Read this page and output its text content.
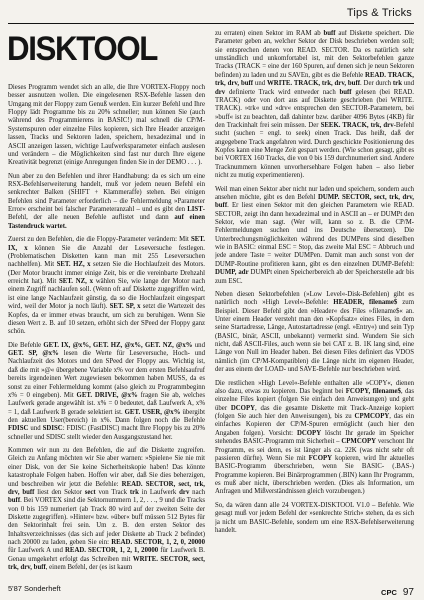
Tips & Tricks
DISKTOOL

Dieses Programm wendet sich an alle, die Ihre VORTEX-Floppy noch besser ausnutzen wollen. Die eingelesenen RSX-Befehle lassen den Umgang mit der Floppy zum Genuß werden. Ein kurzer Befehl und Ihre Floppy lädt Programme bis zu 20% schneller; nun können Sie (auch während des Programmierens in BASIC!) mal schnell die CP/M-Systemspuren oder einzelne Files kopieren, sich Ihre Header anzeigen lassen, Tracks und Sektoren laden, speichern, hexadezimal und in ASCII anzeigen lassen, wichtige Laufwerksparameter einfach auslesen und verändern – die Möglichkeiten sind fast nur durch Ihre eigene Kreativität begrenzt (einige Anregungen finden Sie in der DEMO . . . ).

Nun aber zu den Befehlen und ihrer Handhabung: da es sich um eine RSX-Befehlserweiterung handelt, muß vor jedem neuen Befehl ein senkrechter Balken (SHIFT + Klammeraffe) stehen. Bei einigen Befehlen sind Parameter erforderlich – die Fehlermeldung »Parameter Error« erscheint bei falscher Parameteranzahl – und es gibt den LIST-Befehl, der alle neuen Befehle auflistet und dann auf einen Tastendruck wartet.

Zuerst zu den Befehlen, die die Floppy-Parameter verändern: Mit SET. IX, x können Sie die Anzahl der Leseversuche festlegen. (Problematischen Disketten kann man mit 255 Leseversuchen nachhelfen). Mit SET. HZ, x setzen Sie die Hochlaufzeit des Motors. (Der Motor braucht immer einige Zeit, bis er die vereinbarte Drehzahl erreicht hat). Mit SET. NZ, x wählen Sie, wie lange der Motor nach einem Zugriff nachlaufen soll. (Wenn oft auf Diskette zugegriffen wird, ist eine lange Nachlaufzeit günstig, da so die Hochlaufzeit eingespart wird, weil der Motor ja noch läuft). SET. SP, x setzt die Wartezeit des Kopfes, da er immer etwas braucht, um sich zu beruhigen. Wenn Sie diesen Wert z. B. auf 10 setzen, erhöht sich der SPeed der Floppy ganz schön.

Die Befehle GET. IX, @x%, GET. HZ, @x%, GET. NZ, @x% und GET. SP, @x% lesen die Werte für Leseversuche, Hoch- und Nachlaufzeit des Motors und den SPeed der Floppy aus. Wichtig ist, daß die mit »@« übergebene Variable x% vor dem ersten Befehlsaufruf bereits irgendeinen Wert zugewiesen bekommen haben MUSS, da es sonst zu einer Fehlermeldung kommt (also gleich zu Programmbeginn x% = 0 eingeben). Mit GET. DRIVE, @x% fragen Sie ab, welches Laufwerk gerade angewählt ist. x% = 0 bedeutet, daß Laufwerk A, x% = 1, daß Laufwerk B gerade selektiert ist. GET. USER, @x% übergibt den aktuellen User(bereich) in x%. Dann folgen noch die Befehle FDISC und SDISC: FDISC (FastDISC) macht Ihre Floppy bis zu 20% schneller und SDISC stellt wieder den Ausgangszustand her.

Kommen wir nun zu den Befehlen, die auf die Diskette zugreifen. Gleich zu Anfang möchten wir Sie aber warnen: »Spielen« Sie nie mit einer Disk, von der Sie keine Sicherheitskopie haben! Das könnte katastrophale Folgen haben. Hoffen wir aber, daß Sie dies beherzigen, und beschreiben wir jetzt die Befehle: READ. SECTOR, sect, trk, drv, buff liest den Sektor sect von Track trk in Laufwerk drv nach buff. Bei VORTEX sind die Sektornummern 1, 2, . . ., 9 und die Tracks von 0 bis 159 numeriert (ab Track 80 wird auf der zweiten Seite der Diskette zugegriffen). »Hinter« bzw. »über« buff müssen 512 Bytes für den Sektorinhalt frei sein. Um z. B. den ersten Sektor des Inhaltsverzeichnisses (das sich auf jeder Diskette ab Track 2 befindet) nach 20000 zu laden, geben Sie ein: READ. SECTOR, 1, 2, 0, 20000 für Laufwerk A und READ. SECTOR, 1, 2, 1, 20000 für Laufwerk B. Genau umgekehrt erfolgt das Schreiben mit WRITE. SECTOR, sect, trk, drv, buff, einem Befehl, der (es ist kaum

zu erraten) einen Sektor im RAM ab buff auf Diskette speichert. Die Parameter geben an, welcher Sektor der Disk beschrieben werden soll; sie entsprechen denen von READ. SECTOR. Da es natürlich sehr umständlich und unkomfortabel ist, mit den Sektorbefehlen ganze Tracks (TRACK = eine der 160 Spuren, auf denen sich je neun Sektoren befinden) zu laden und zu SAVEn, gibt es die Befehle READ. TRACK, trk, drv, buff und WRITE. TRACK, trk, drv, buff. Der durch trk und drv definierte Track wird entweder nach buff gelesen (bei READ. TRACK) oder von dort aus auf Diskette geschrieben (bei WRITE. TRACK). »trk« und »drv« entsprechen den SECTOR-Parametern, bei »buff« ist zu beachten, daß dahinter bzw. darüber 4096 Bytes (4KB) für den Trackinhalt frei sein müssen. Der SEEK. TRACK, trk, drv-Befehl sucht (suchen = engl. to seek) einen Track. Das heißt, daß der angegebene Track angefahren wird. Durch geschickte Positionierung des Kopfes kann eine Menge Zeit gespart werden. (Wie schon gesagt, gibt es bei VORTEX 160 Tracks, die von 0 bis 159 durchnumeriert sind. Andere Tracknummern können unvorhersehbare Folgen haben – also lieber nicht zu mutig experimentieren).

Weil man einen Sektor aber nicht nur laden und speichern, sondern auch ansehen möchte, gibt es den Befehl DUMP. SECTOR, sect, trk, drv, buff. Er liest einen Sektor mit den gleichen Parametern wie READ. SECTOR, zeigt ihn dann hexadezimal und in ASCII an – er DUMPt den Sektor, wie man sagt. (Wer will, kann so z. B. die CP/M-Fehlermeldungen suchen und ins Deutsche übersetzen). Die Unterbrechungsmöglichkeiten während des DUMPens sind dieselben wie in BASIC: einmal ESC = Stop, das zweite Mal ESC = Abbruch und jede andere Taste = weiter DUMPen. Damit man auch sonst von der DUMP-Routine profitieren kann, gibt es den einzelnen DUMP-Befehl: DUMP, adr DUMPt einen Speicherbereich ab der Speicherstelle adr bis zum ESC.

Neben diesen Sektorbefehlen (»Low Level«-Disk-Befehlen) gibt es natürlich noch »High Level«-Befehle: HEADER, filename$ zum Beispiel. Dieser Befehl gibt den »Header« des Files »filename$« an. Unter einem Header versteht man den »Kopfsatz« eines Files, in dem seine Startadresse, Länge, Autostartadresse (engl. »Entry«) und sein Typ (BASIC, binär, ASCII, unbekannt) vermerkt sind. Wundern Sie sich nicht, daß ASCII-Files, auch wenn sie bei CAT z. B. 1K lang sind, eine Länge von Null im Header haben. Bei diesen Files definiert das VDOS nämlich (im CP/M-Kompatiblen) die Länge nicht im eigenen Header, der aus einem der LOAD- und SAVE-Befehle nur beschrieben wird.

Die restlichen »High Level«-Befehle enthalten alle »COPY«, dienen also dazu, etwas zu kopieren. Das beginnt bei FCOPY, filename$, das einzelne Files kopiert (folgen Sie einfach den Anweisungen) und geht über DCOPY, das die gesamte Diskette mit Track-Anzeige kopiert (folgen Sie auch hier den Anweisungen), bis zu CPMCOPY, das ein einfaches Kopieren der CP/M-Spuren ermöglicht (auch hier den Angaben folgen). Vorsicht: DCOPY löscht Ihr gerade im Speicher stehendes BASIC-Programm mit Sicherheit – CPMCOPY verschont Ihr Programm, es sei denn, es ist länger als ca. 22K (was nicht sehr oft passieren dürfte). Wenn Sie mit FCOPY kopieren, wird Ihr aktuelles BASIC-Programm überschrieben, wenn Sie BASIC- (.BAS-) Programme kopieren. Bei Binärprogrammen (.BIN) kann Ihr Programm, es muß aber nicht, überschrieben werden. (Dies als Information, um Anfragen und Mißverständnissen gleich vorzubeugen.)

So, da wären dann alle 24 VORTEX-DISKTOOL V1.0 – Befehle. Wie gesagt muß vor jedem Befehl der »senkrechte Strich« stehen, da es sich ja nicht um BASIC-Befehle, sondern um eine RSX-Befehlserweiterung handelt.

5'87 Sonderheft	CPC 97
